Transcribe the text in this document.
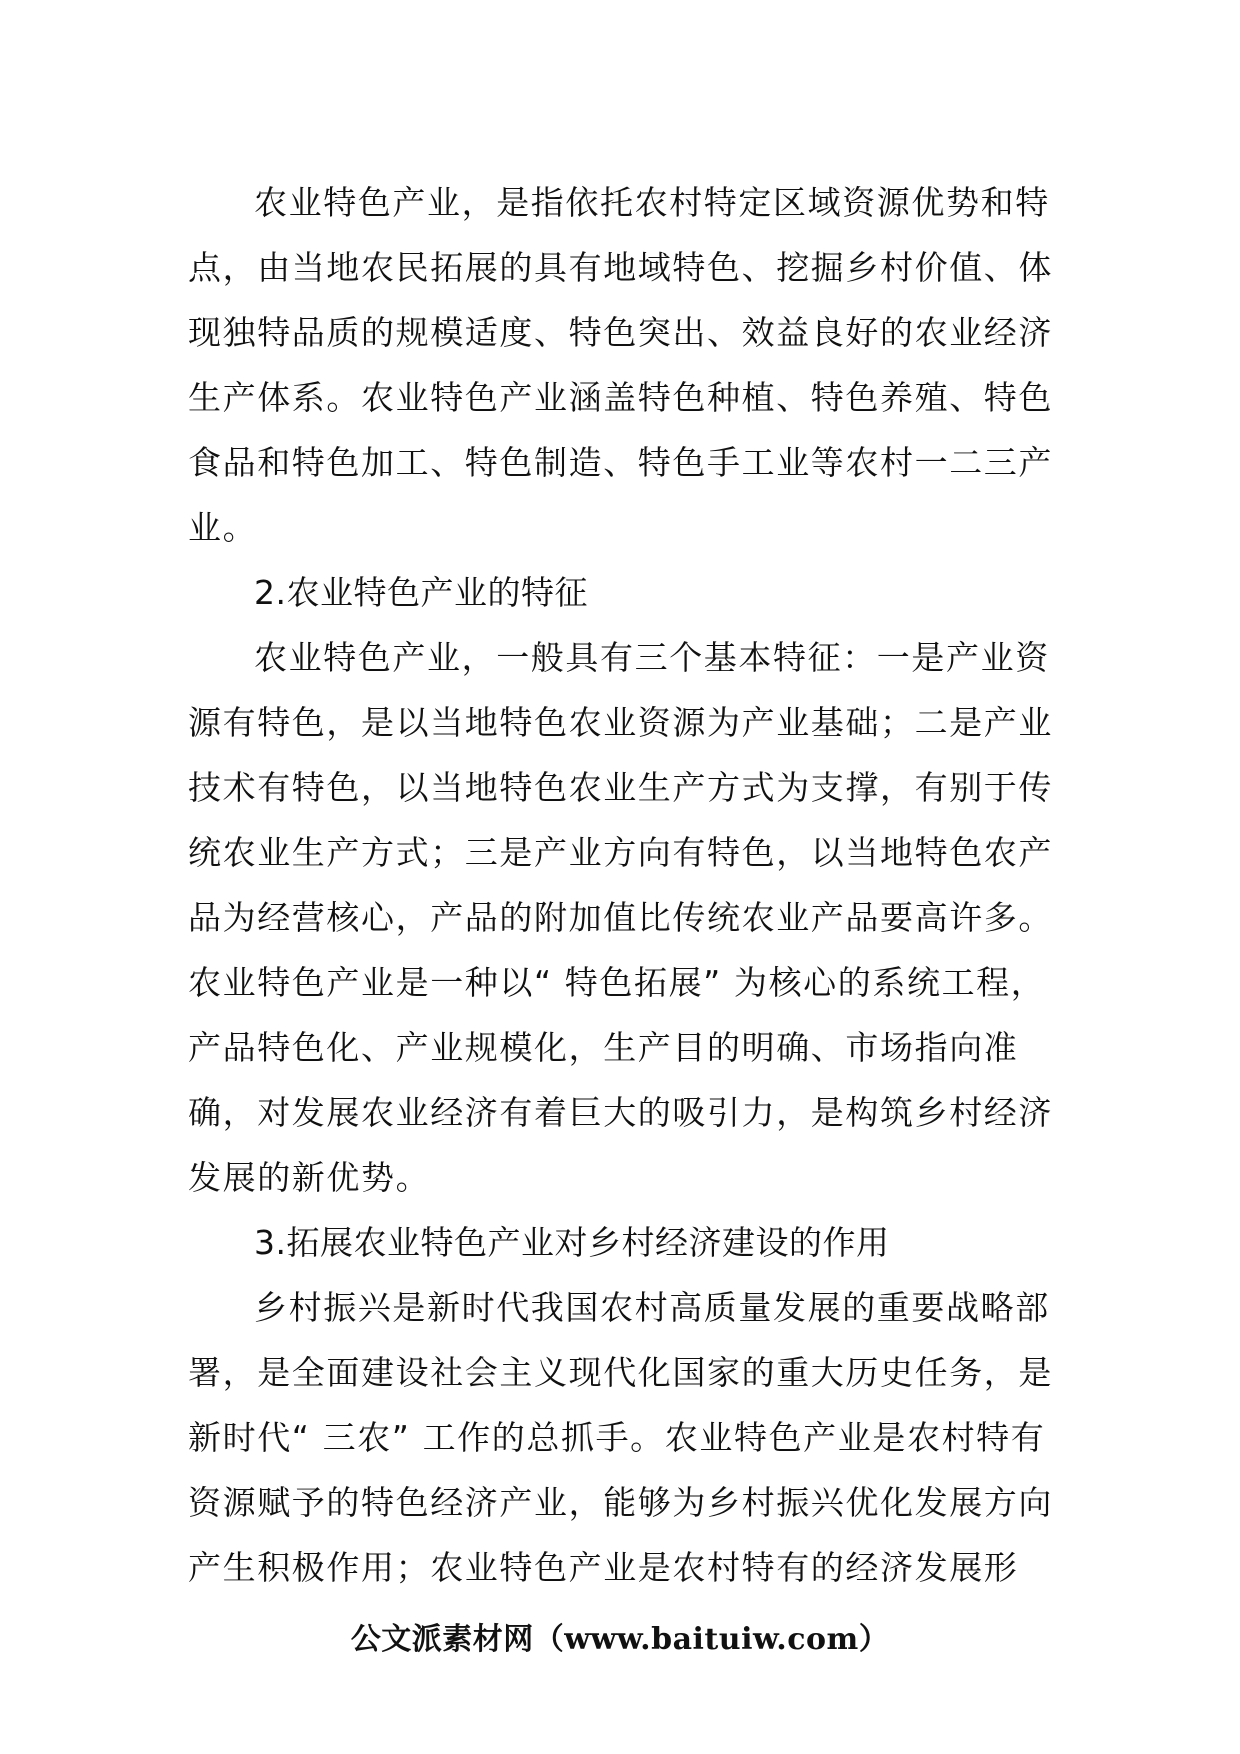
农业特色产业，是指依托农村特定区域资源优势和特
点，由当地农民拓展的具有地域特色、挖掘乡村价值、体
现独特品质的规模适度、特色突出、效益良好的农业经济
生产体系。农业特色产业涵盖特色种植、特色养殖、特色
食品和特色加工、特色制造、特色手工业等农村一二三产
业。
2.农业特色产业的特征
农业特色产业，一般具有三个基本特征：一是产业资
源有特色，是以当地特色农业资源为产业基础；二是产业
技术有特色，以当地特色农业生产方式为支撑，有别于传
统农业生产方式；三是产业方向有特色，以当地特色农产
品为经营核心，产品的附加值比传统农业产品要高许多。
农业特色产业是一种以“ 特色拓展” 为核心的系统工程，
产品特色化、产业规模化，生产目的明确、市场指向准
确，对发展农业经济有着巨大的吸引力，是构筑乡村经济
发展的新优势。
3.拓展农业特色产业对乡村经济建设的作用
乡村振兴是新时代我国农村高质量发展的重要战略部
署，是全面建设社会主义现代化国家的重大历史任务，是
新时代“ 三农” 工作的总抓手。农业特色产业是农村特有
资源赋予的特色经济产业，能够为乡村振兴优化发展方向
产生积极作用；农业特色产业是农村特有的经济发展形
公文派素材网（www.baituiw.com）
